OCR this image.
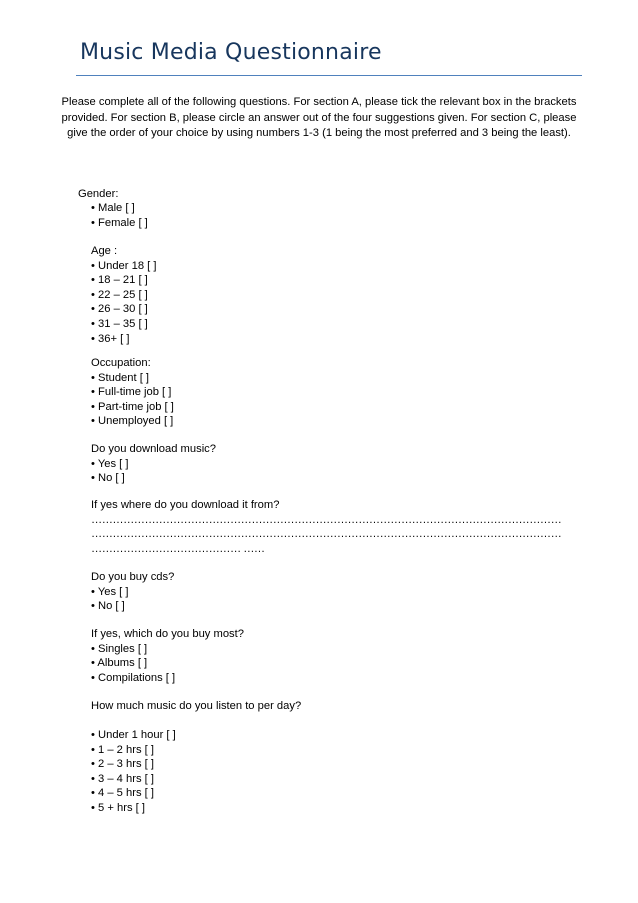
Music Media Questionnaire
Please complete all of the following questions. For section A, please tick the relevant box in the brackets provided. For section B, please circle an answer out of the four suggestions given. For section C, please give the order of your choice by using numbers 1-3 (1 being the most preferred and 3 being the least).
Gender:
• Male [ ]
• Female [ ]
Age :
• Under 18 [ ]
• 18 – 21 [ ]
• 22 – 25 [ ]
• 26 – 30 [ ]
• 31 – 35 [ ]
• 36+ [ ]
Occupation:
• Student [ ]
• Full-time job [ ]
• Part-time job [ ]
• Unemployed [ ]
Do you download music?
• Yes [ ]
• No [ ]
If yes where do you download it from?
……………………………………………………………………………………………………………………
……………………………………………………………………………………………………………………
…………………………………… ……
Do you buy cds?
• Yes [ ]
• No [ ]
If yes, which do you buy most?
• Singles [ ]
• Albums [ ]
• Compilations [ ]
How much music do you listen to per day?
• Under 1 hour [ ]
• 1 – 2 hrs [ ]
• 2 – 3 hrs [ ]
• 3 – 4 hrs [ ]
• 4 – 5 hrs [ ]
• 5 + hrs [ ]
